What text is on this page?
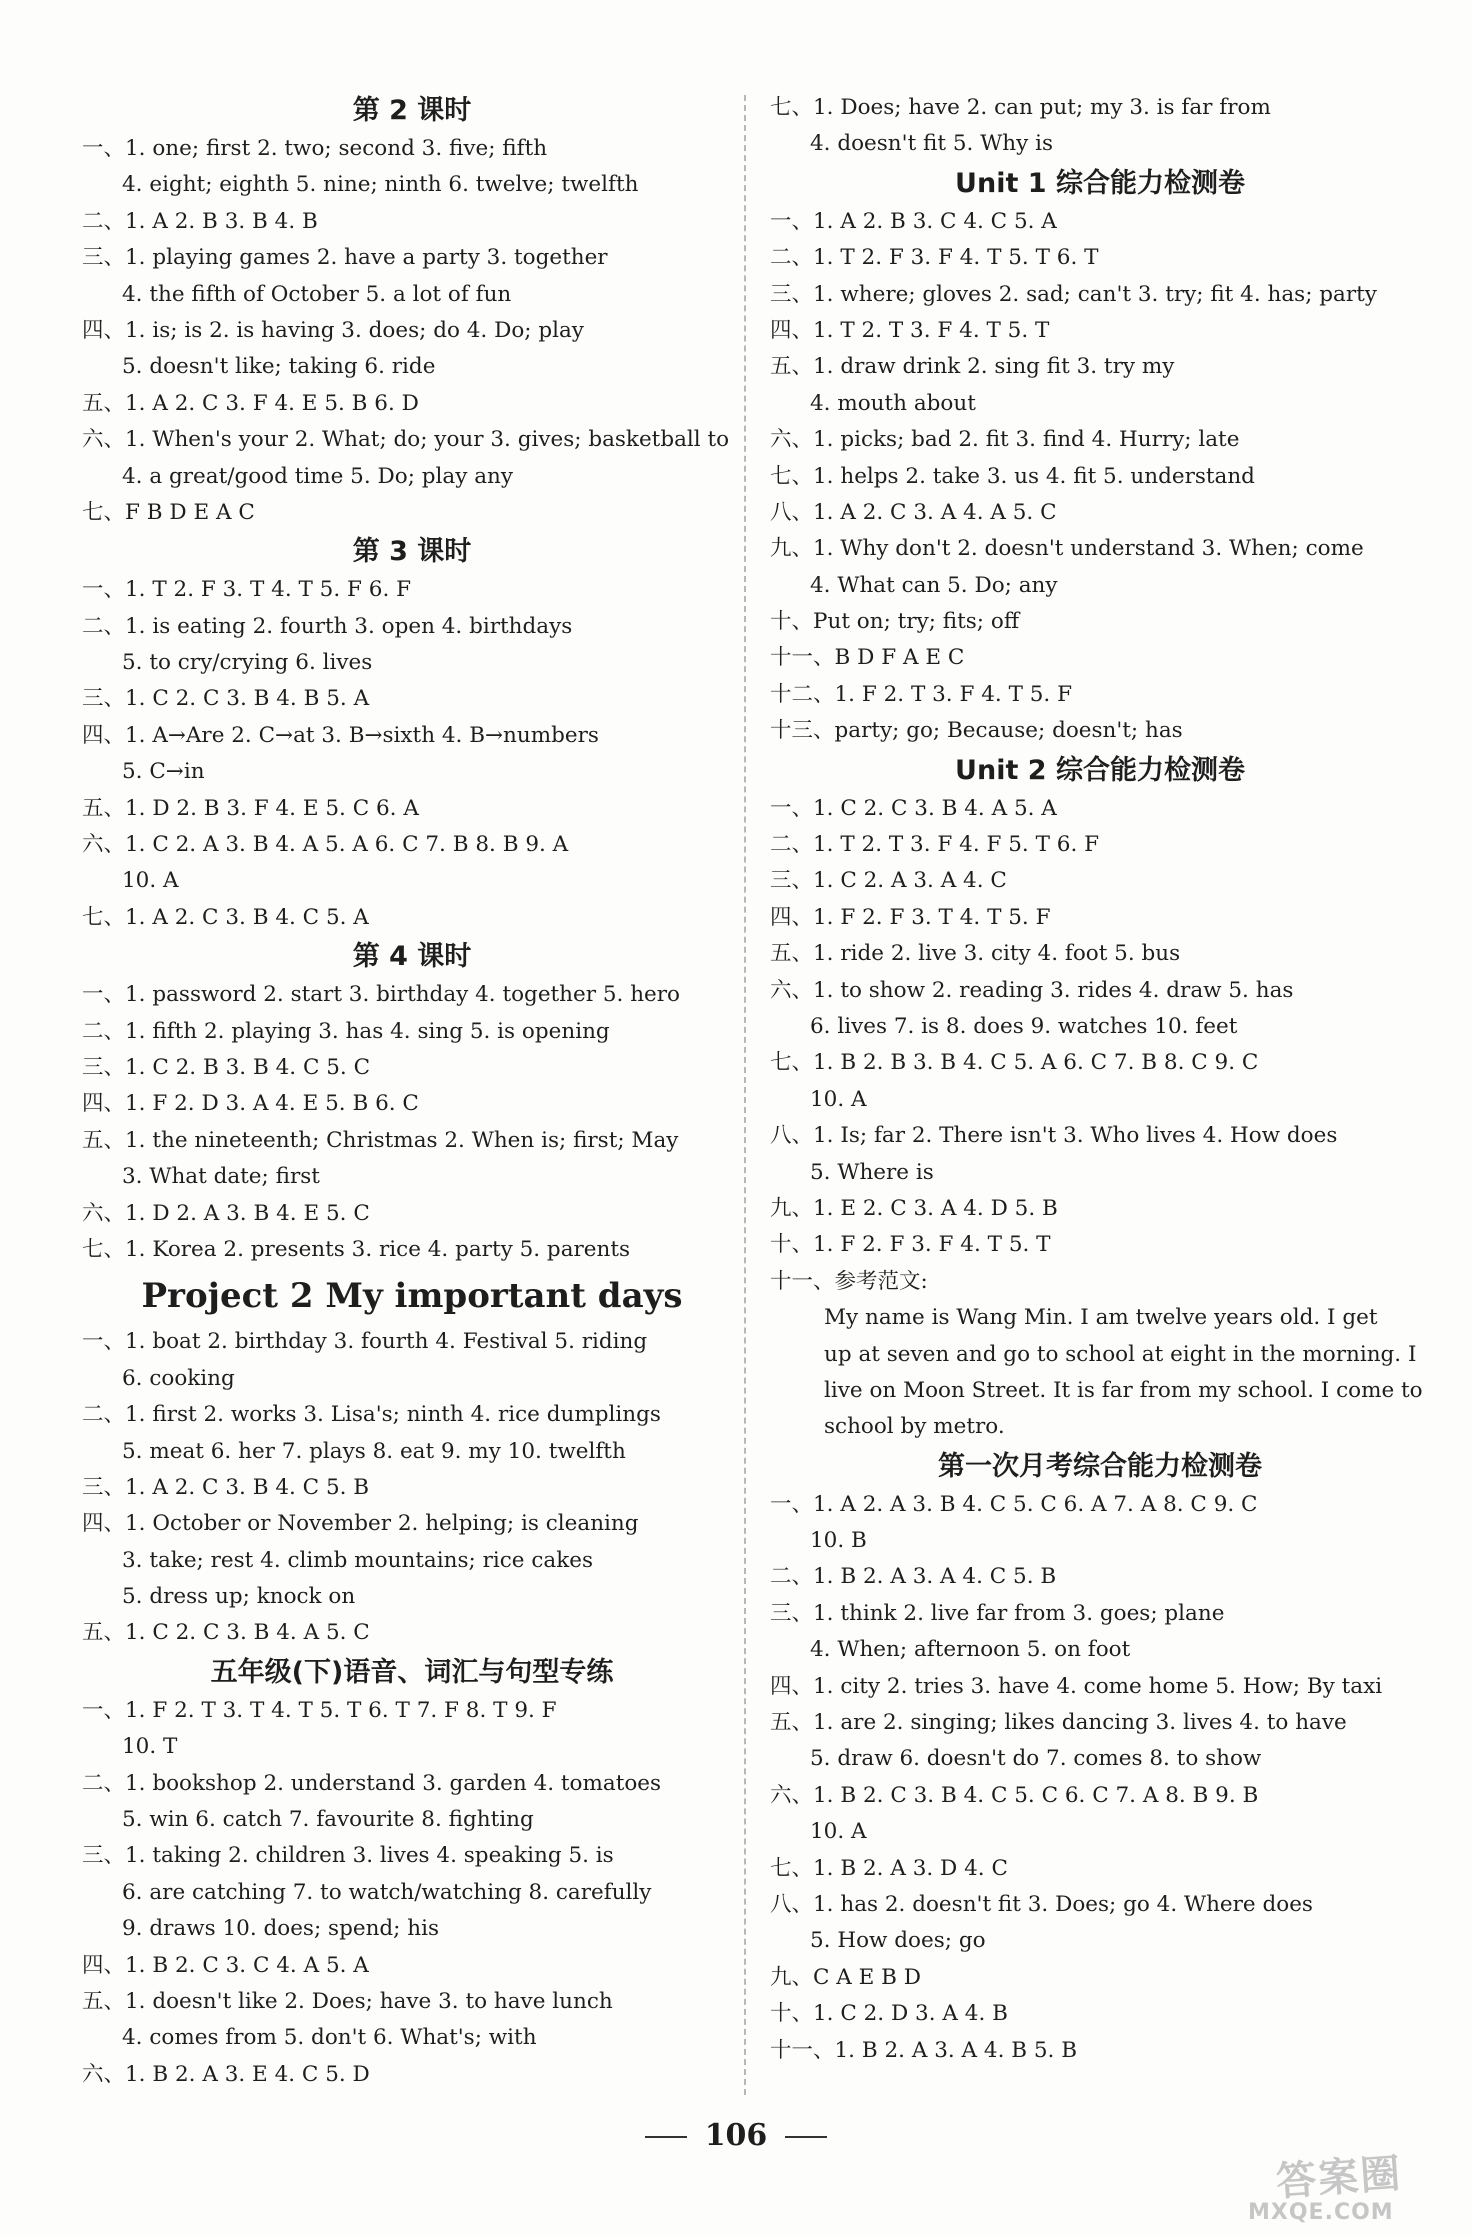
第 2 课时
一、1. one; first 2. two; second 3. five; fifth
4. eight; eighth 5. nine; ninth 6. twelve; twelfth
二、1. A 2. B 3. B 4. B
三、1. playing games 2. have a party 3. together
4. the fifth of October 5. a lot of fun
四、1. is; is 2. is having 3. does; do 4. Do; play
5. doesn't like; taking 6. ride
五、1. A 2. C 3. F 4. E 5. B 6. D
六、1. When's your 2. What; do; your 3. gives; basketball to
4. a great/good time 5. Do; play any
七、F B D E A C
第 3 课时
一、1. T 2. F 3. T 4. T 5. F 6. F
二、1. is eating 2. fourth 3. open 4. birthdays
5. to cry/crying 6. lives
三、1. C 2. C 3. B 4. B 5. A
四、1. A→Are 2. C→at 3. B→sixth 4. B→numbers
5. C→in
五、1. D 2. B 3. F 4. E 5. C 6. A
六、1. C 2. A 3. B 4. A 5. A 6. C 7. B 8. B 9. A
10. A
七、1. A 2. C 3. B 4. C 5. A
第 4 课时
一、1. password 2. start 3. birthday 4. together 5. hero
二、1. fifth 2. playing 3. has 4. sing 5. is opening
三、1. C 2. B 3. B 4. C 5. C
四、1. F 2. D 3. A 4. E 5. B 6. C
五、1. the nineteenth; Christmas 2. When is; first; May
3. What date; first
六、1. D 2. A 3. B 4. E 5. C
七、1. Korea 2. presents 3. rice 4. party 5. parents
Project 2 My important days
一、1. boat 2. birthday 3. fourth 4. Festival 5. riding
6. cooking
二、1. first 2. works 3. Lisa's; ninth 4. rice dumplings
5. meat 6. her 7. plays 8. eat 9. my 10. twelfth
三、1. A 2. C 3. B 4. C 5. B
四、1. October or November 2. helping; is cleaning
3. take; rest 4. climb mountains; rice cakes
5. dress up; knock on
五、1. C 2. C 3. B 4. A 5. C
五年级(下)语音、词汇与句型专练
一、1. F 2. T 3. T 4. T 5. T 6. T 7. F 8. T 9. F
10. T
二、1. bookshop 2. understand 3. garden 4. tomatoes
5. win 6. catch 7. favourite 8. fighting
三、1. taking 2. children 3. lives 4. speaking 5. is
6. are catching 7. to watch/watching 8. carefully
9. draws 10. does; spend; his
四、1. B 2. C 3. C 4. A 5. A
五、1. doesn't like 2. Does; have 3. to have lunch
4. comes from 5. don't 6. What's; with
六、1. B 2. A 3. E 4. C 5. D
七、1. Does; have 2. can put; my 3. is far from
4. doesn't fit 5. Why is
Unit 1 综合能力检测卷
一、1. A 2. B 3. C 4. C 5. A
二、1. T 2. F 3. F 4. T 5. T 6. T
三、1. where; gloves 2. sad; can't 3. try; fit 4. has; party
四、1. T 2. T 3. F 4. T 5. T
五、1. draw drink 2. sing fit 3. try my
4. mouth about
六、1. picks; bad 2. fit 3. find 4. Hurry; late
七、1. helps 2. take 3. us 4. fit 5. understand
八、1. A 2. C 3. A 4. A 5. C
九、1. Why don't 2. doesn't understand 3. When; come
4. What can 5. Do; any
十、Put on; try; fits; off
十一、B D F A E C
十二、1. F 2. T 3. F 4. T 5. F
十三、party; go; Because; doesn't; has
Unit 2 综合能力检测卷
一、1. C 2. C 3. B 4. A 5. A
二、1. T 2. T 3. F 4. F 5. T 6. F
三、1. C 2. A 3. A 4. C
四、1. F 2. F 3. T 4. T 5. F
五、1. ride 2. live 3. city 4. foot 5. bus
六、1. to show 2. reading 3. rides 4. draw 5. has
6. lives 7. is 8. does 9. watches 10. feet
七、1. B 2. B 3. B 4. C 5. A 6. C 7. B 8. C 9. C
10. A
八、1. Is; far 2. There isn't 3. Who lives 4. How does
5. Where is
九、1. E 2. C 3. A 4. D 5. B
十、1. F 2. F 3. F 4. T 5. T
十一、参考范文:
My name is Wang Min. I am twelve years old. I get
up at seven and go to school at eight in the morning. I
live on Moon Street. It is far from my school. I come to
school by metro.
第一次月考综合能力检测卷
一、1. A 2. A 3. B 4. C 5. C 6. A 7. A 8. C 9. C
10. B
二、1. B 2. A 3. A 4. C 5. B
三、1. think 2. live far from 3. goes; plane
4. When; afternoon 5. on foot
四、1. city 2. tries 3. have 4. come home 5. How; By taxi
五、1. are 2. singing; likes dancing 3. lives 4. to have
5. draw 6. doesn't do 7. comes 8. to show
六、1. B 2. C 3. B 4. C 5. C 6. C 7. A 8. B 9. B
10. A
七、1. B 2. A 3. D 4. C
八、1. has 2. doesn't fit 3. Does; go 4. Where does
5. How does; go
九、C A E B D
十、1. C 2. D 3. A 4. B
十一、1. B 2. A 3. A 4. B 5. B
106
答案圈
MXQE.COM
